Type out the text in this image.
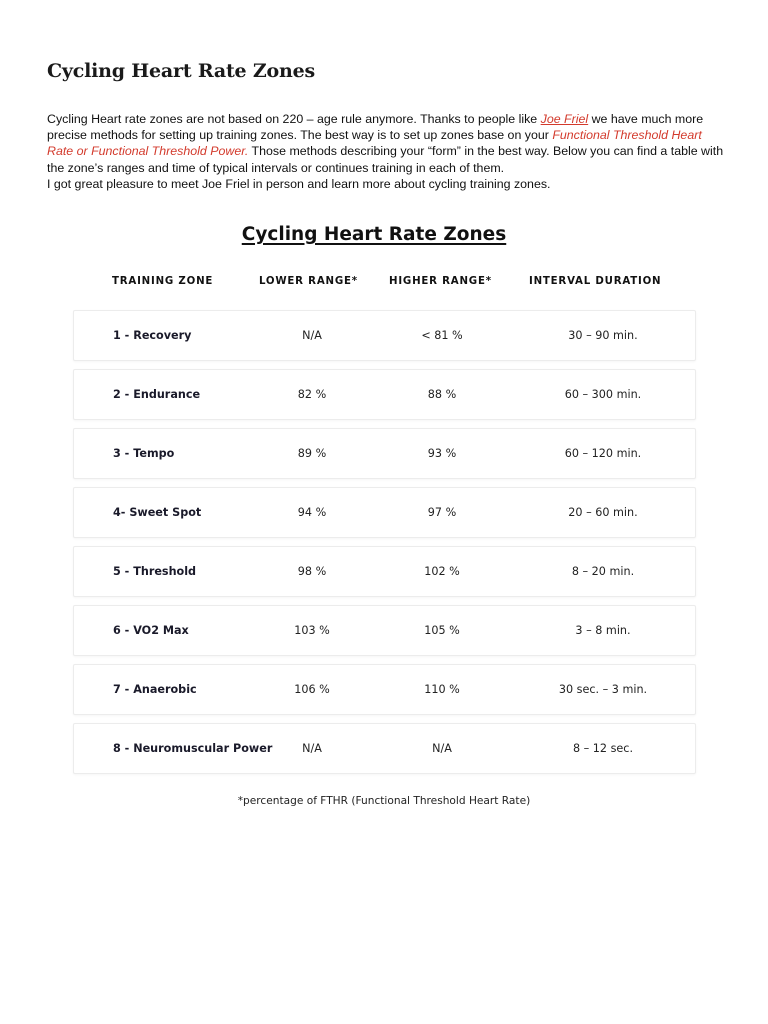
Cycling Heart Rate Zones
Cycling Heart rate zones are not based on 220 – age rule anymore. Thanks to people like Joe Friel we have much more precise methods for setting up training zones. The best way is to set up zones base on your Functional Threshold Heart Rate or Functional Threshold Power. Those methods describing your “form” in the best way. Below you can find a table with the zone’s ranges and time of typical intervals or continues training in each of them.
I got great pleasure to meet Joe Friel in person and learn more about cycling training zones.
Cycling Heart Rate Zones
TRAINING ZONE	LOWER RANGE*	HIGHER RANGE*	INTERVAL DURATION
1 - Recovery	N/A	< 81 %	30 – 90 min.
2 - Endurance	82 %	88 %	60 – 300 min.
3 - Tempo	89 %	93 %	60 – 120 min.
4- Sweet Spot	94 %	97 %	20 – 60 min.
5 - Threshold	98 %	102 %	8 – 20 min.
6 - VO2 Max	103 %	105 %	3 – 8 min.
7 - Anaerobic	106 %	110 %	30 sec. – 3 min.
8 - Neuromuscular Power	N/A	N/A	8 – 12 sec.
*percentage of FTHR (Functional Threshold Heart Rate)
